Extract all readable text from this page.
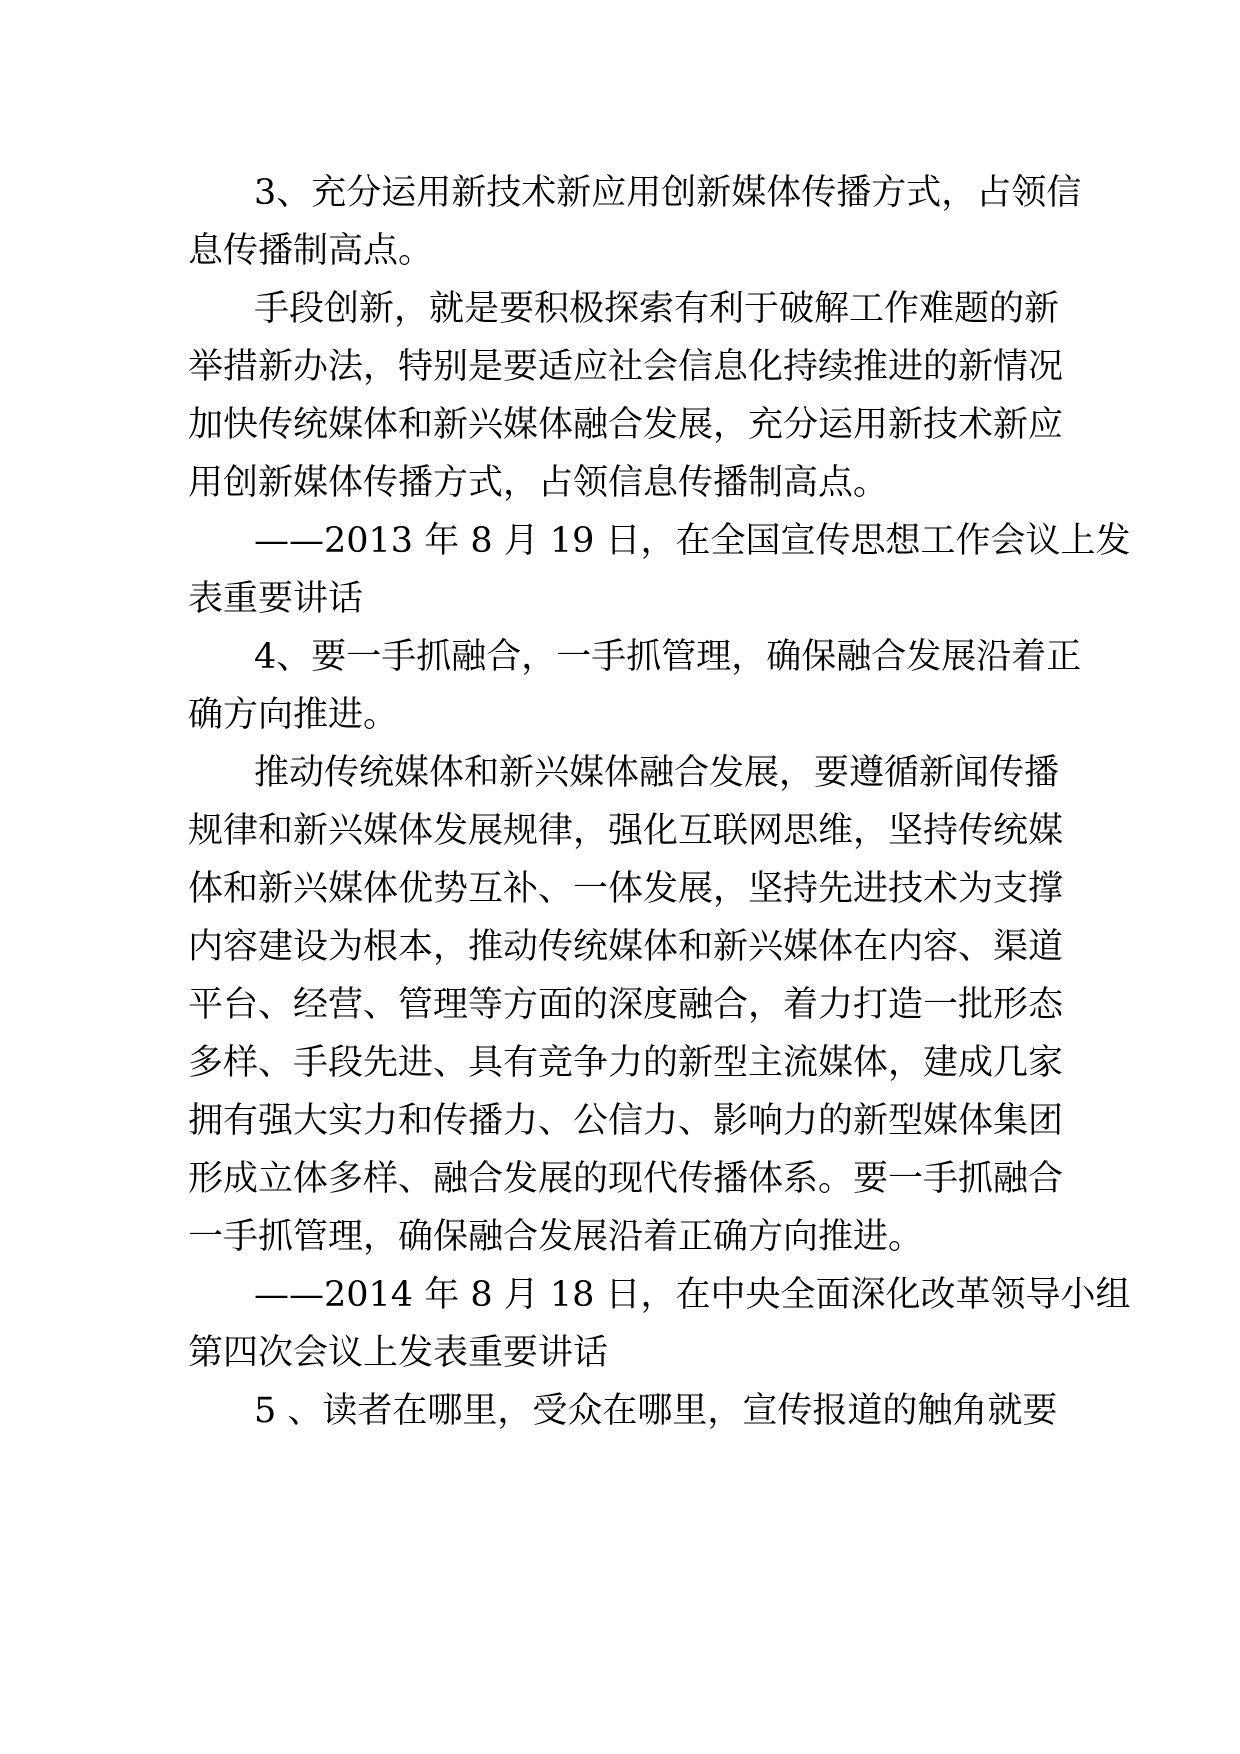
3、充分运用新技术新应用创新媒体传播方式，占领信
息传播制高点。
手段创新，就是要积极探索有利于破解工作难题的新
举措新办法，特别是要适应社会信息化持续推进的新情况
加快传统媒体和新兴媒体融合发展，充分运用新技术新应
用创新媒体传播方式，占领信息传播制高点。
——2013 年 8 月 19 日，在全国宣传思想工作会议上发
表重要讲话
4、要一手抓融合，一手抓管理，确保融合发展沿着正
确方向推进。
推动传统媒体和新兴媒体融合发展，要遵循新闻传播
规律和新兴媒体发展规律，强化互联网思维，坚持传统媒
体和新兴媒体优势互补、一体发展，坚持先进技术为支撑
内容建设为根本，推动传统媒体和新兴媒体在内容、渠道
平台、经营、管理等方面的深度融合，着力打造一批形态
多样、手段先进、具有竞争力的新型主流媒体，建成几家
拥有强大实力和传播力、公信力、影响力的新型媒体集团
形成立体多样、融合发展的现代传播体系。要一手抓融合
一手抓管理，确保融合发展沿着正确方向推进。
——2014 年 8 月 18 日，在中央全面深化改革领导小组
第四次会议上发表重要讲话
5 、读者在哪里，受众在哪里，宣传报道的触角就要
